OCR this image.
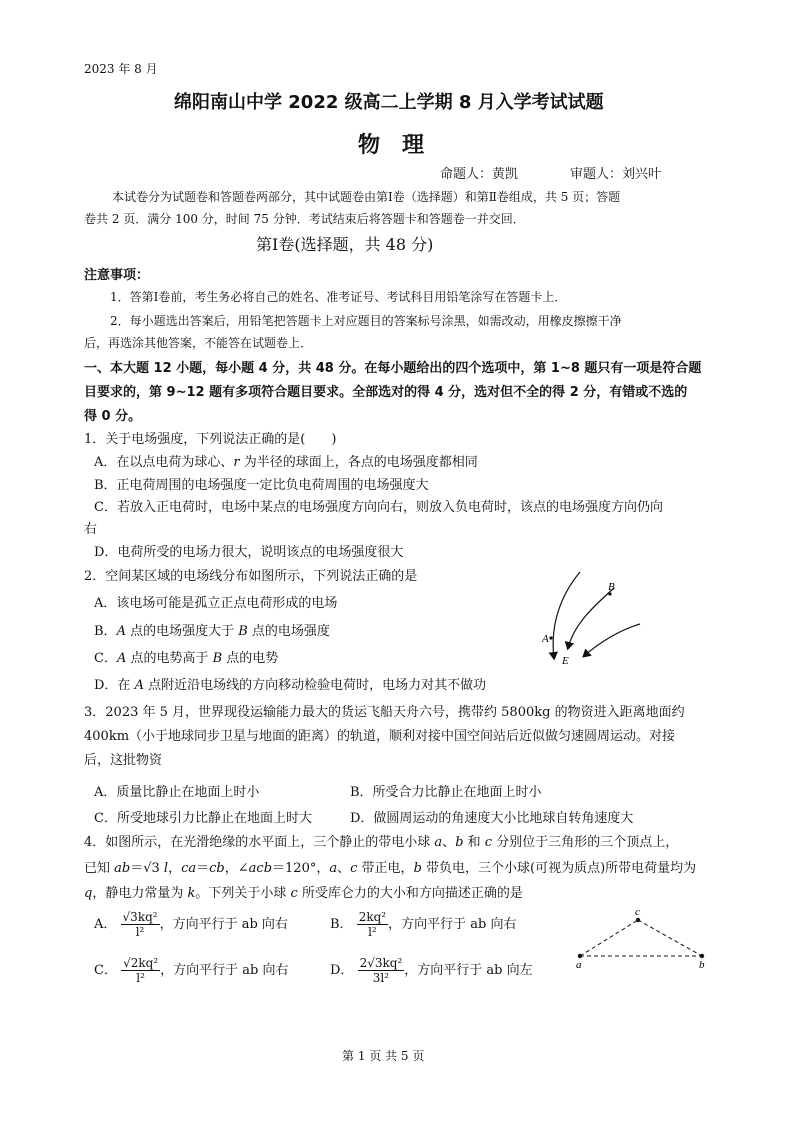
2023 年 8 月
绵阳南山中学 2022 级高二上学期 8 月入学考试试题
物　理
命题人：黄凯	审题人：刘兴叶
本试卷分为试题卷和答题卷两部分，其中试题卷由第Ⅰ卷（选择题）和第Ⅱ卷组成，共 5 页；答题
卷共 2 页．满分 100 分，时间 75 分钟．考试结束后将答题卡和答题卷一并交回．
第Ⅰ卷(选择题，共 48 分)
注意事项：
1．答第Ⅰ卷前，考生务必将自己的姓名、准考证号、考试科目用铅笔涂写在答题卡上．
2．每小题选出答案后，用铅笔把答题卡上对应题目的答案标号涂黑，如需改动，用橡皮擦擦干净
后，再选涂其他答案，不能答在试题卷上．
一、本大题 12 小题，每小题 4 分，共 48 分。在每小题给出的四个选项中，第 1~8 题只有一项是符合题
目要求的，第 9~12 题有多项符合题目要求。全部选对的得 4 分，选对但不全的得 2 分，有错或不选的
得 0 分。
1．关于电场强度，下列说法正确的是(　　)
A．在以点电荷为球心、r 为半径的球面上，各点的电场强度都相同
B．正电荷周围的电场强度一定比负电荷周围的电场强度大
C．若放入正电荷时，电场中某点的电场强度方向向右，则放入负电荷时，该点的电场强度方向仍向
右
D．电荷所受的电场力很大，说明该点的电场强度很大
2．空间某区域的电场线分布如图所示，下列说法正确的是
A．该电场可能是孤立正点电荷形成的电场
B．A 点的电场强度大于 B 点的电场强度
C．A 点的电势高于 B 点的电势
D．在 A 点附近沿电场线的方向移动检验电荷时，电场力对其不做功
B
A
E
3．2023 年 5 月，世界现役运输能力最大的货运飞船天舟六号，携带约 5800kg 的物资进入距离地面约
400km（小于地球同步卫星与地面的距离）的轨道，顺利对接中国空间站后近似做匀速圆周运动。对接
后，这批物资
A．质量比静止在地面上时小	B．所受合力比静止在地面上时小
C．所受地球引力比静止在地面上时大	D．做圆周运动的角速度大小比地球自转角速度大
4．如图所示，在光滑绝缘的水平面上，三个静止的带电小球 a、b 和 c 分别位于三角形的三个顶点上，
已知 ab＝√3 l，ca＝cb，∠acb＝120°，a、c 带正电，b 带负电，三个小球(可视为质点)所带电荷量均为
q，静电力常量为 k。下列关于小球 c 所受库仑力的大小和方向描述正确的是
A． $\frac{\text{√3kq²}}{\text{l²}}$ ，方向平行于 ab 向右	B． $\frac{\text{2kq²}}{\text{l²}}$ ，方向平行于 ab 向右
C． $\frac{\text{√2kq²}}{\text{l²}}$ ，方向平行于 ab 向右	D． $\frac{\text{2√3kq²}}{\text{3l²}}$ ，方向平行于 ab 向左
c
a	b
第 1 页 共 5 页
